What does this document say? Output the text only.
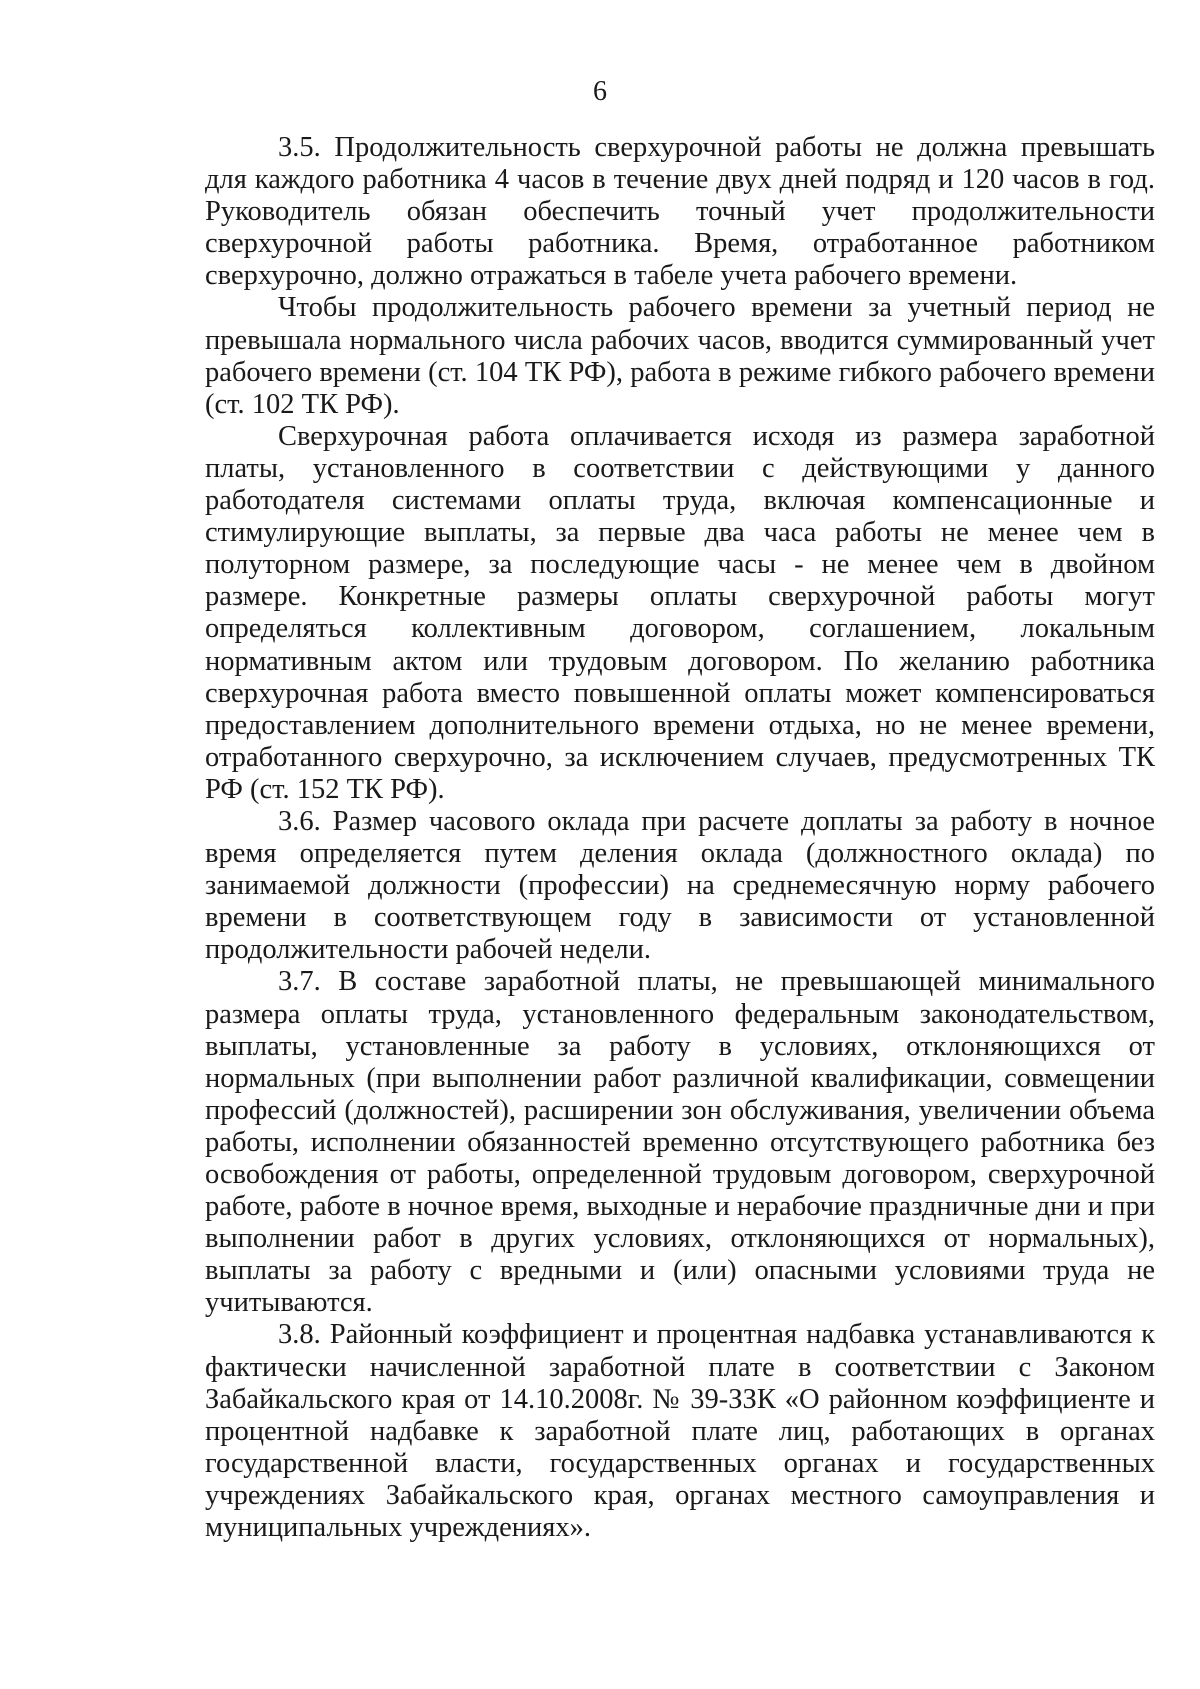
6

3.5. Продолжительность сверхурочной работы не должна превышать для каждого работника 4 часов в течение двух дней подряд и 120 часов в год. Руководитель обязан обеспечить точный учет продолжительности сверхурочной работы работника. Время, отработанное работником сверхурочно, должно отражаться в табеле учета рабочего времени.

Чтобы продолжительность рабочего времени за учетный период не превышала нормального числа рабочих часов, вводится суммированный учет рабочего времени (ст. 104 ТК РФ), работа в режиме гибкого рабочего времени (ст. 102 ТК РФ).

Сверхурочная работа оплачивается исходя из размера заработной платы, установленного в соответствии с действующими у данного работодателя системами оплаты труда, включая компенсационные и стимулирующие выплаты, за первые два часа работы не менее чем в полуторном размере, за последующие часы - не менее чем в двойном размере. Конкретные размеры оплаты сверхурочной работы могут определяться коллективным договором, соглашением, локальным нормативным актом или трудовым договором. По желанию работника сверхурочная работа вместо повышенной оплаты может компенсироваться предоставлением дополнительного времени отдыха, но не менее времени, отработанного сверхурочно, за исключением случаев, предусмотренных ТК РФ (ст. 152 ТК РФ).

3.6. Размер часового оклада при расчете доплаты за работу в ночное время определяется путем деления оклада (должностного оклада) по занимаемой должности (профессии) на среднемесячную норму рабочего времени в соответствующем году в зависимости от установленной продолжительности рабочей недели.

3.7. В составе заработной платы, не превышающей минимального размера оплаты труда, установленного федеральным законодательством, выплаты, установленные за работу в условиях, отклоняющихся от нормальных (при выполнении работ различной квалификации, совмещении профессий (должностей), расширении зон обслуживания, увеличении объема работы, исполнении обязанностей временно отсутствующего работника без освобождения от работы, определенной трудовым договором, сверхурочной работе, работе в ночное время, выходные и нерабочие праздничные дни и при выполнении работ в других условиях, отклоняющихся от нормальных), выплаты за работу с вредными и (или) опасными условиями труда не учитываются.

3.8. Районный коэффициент и процентная надбавка устанавливаются к фактически начисленной заработной плате в соответствии с Законом Забайкальского края от 14.10.2008г. № 39-ЗЗК «О районном коэффициенте и процентной надбавке к заработной плате лиц, работающих в органах государственной власти, государственных органах и государственных учреждениях Забайкальского края, органах местного самоуправления и муниципальных учреждениях».
